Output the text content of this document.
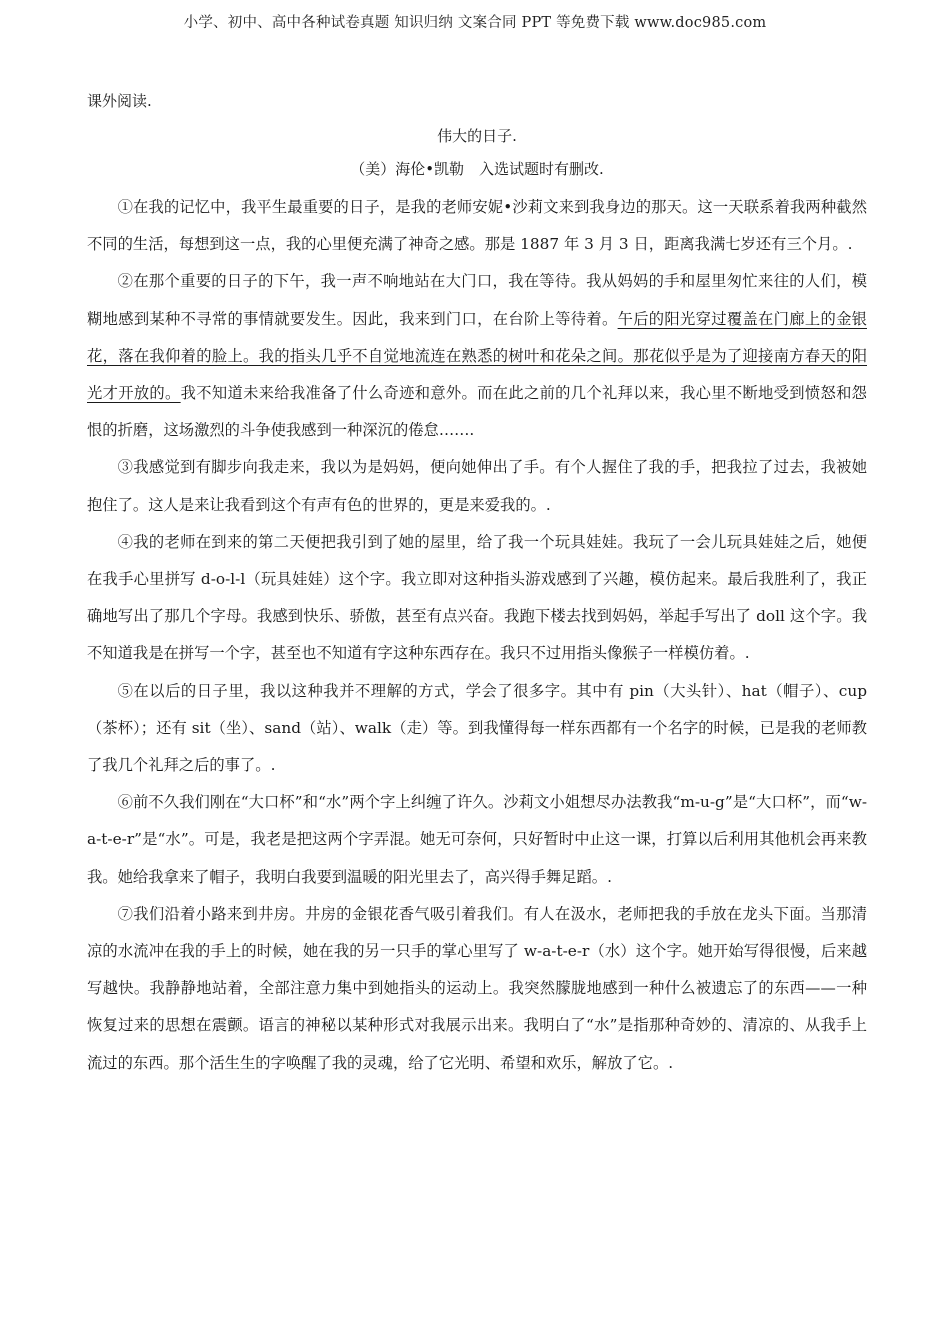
小学、初中、高中各种试卷真题 知识归纳 文案合同 PPT 等免费下载 www.doc985.com
课外阅读.
伟大的日子.
（美）海伦•凯勒　入选试题时有删改.

①在我的记忆中，我平生最重要的日子，是我的老师安妮•沙莉文来到我身边的那天。这一天联系着我两种截然不同的生活，每想到这一点，我的心里便充满了神奇之感。那是 1887 年 3 月 3 日，距离我满七岁还有三个月。.

②在那个重要的日子的下午，我一声不响地站在大门口，我在等待。我从妈妈的手和屋里匆忙来往的人们，模糊地感到某种不寻常的事情就要发生。因此，我来到门口，在台阶上等待着。午后的阳光穿过覆盖在门廊上的金银花，落在我仰着的脸上。我的指头几乎不自觉地流连在熟悉的树叶和花朵之间。那花似乎是为了迎接南方春天的阳光才开放的。我不知道未来给我准备了什么奇迹和意外。而在此之前的几个礼拜以来，我心里不断地受到愤怒和怨恨的折磨，这场激烈的斗争使我感到一种深沉的倦怠…….

③我感觉到有脚步向我走来，我以为是妈妈，便向她伸出了手。有个人握住了我的手，把我拉了过去，我被她抱住了。这人是来让我看到这个有声有色的世界的，更是来爱我的。.

④我的老师在到来的第二天便把我引到了她的屋里，给了我一个玩具娃娃。我玩了一会儿玩具娃娃之后，她便在我手心里拼写 d-o-l-l（玩具娃娃）这个字。我立即对这种指头游戏感到了兴趣，模仿起来。最后我胜利了，我正确地写出了那几个字母。我感到快乐、骄傲，甚至有点兴奋。我跑下楼去找到妈妈，举起手写出了 doll 这个字。我不知道我是在拼写一个字，甚至也不知道有字这种东西存在。我只不过用指头像猴子一样模仿着。.

⑤在以后的日子里，我以这种我并不理解的方式，学会了很多字。其中有 pin（大头针）、hat（帽子）、cup（茶杯）；还有 sit（坐）、sand（站）、walk（走）等。到我懂得每一样东西都有一个名字的时候，已是我的老师教了我几个礼拜之后的事了。.

⑥前不久我们刚在“大口杯”和“水”两个字上纠缠了许久。沙莉文小姐想尽办法教我“m-u-g”是“大口杯”，而“w-a-t-e-r”是“水”。可是，我老是把这两个字弄混。她无可奈何，只好暂时中止这一课，打算以后利用其他机会再来教我。她给我拿来了帽子，我明白我要到温暖的阳光里去了，高兴得手舞足蹈。.

⑦我们沿着小路来到井房。井房的金银花香气吸引着我们。有人在汲水，老师把我的手放在龙头下面。当那清凉的水流冲在我的手上的时候，她在我的另一只手的掌心里写了 w-a-t-e-r（水）这个字。她开始写得很慢，后来越写越快。我静静地站着，全部注意力集中到她指头的运动上。我突然朦胧地感到一种什么被遗忘了的东西——一种恢复过来的思想在震颤。语言的神秘以某种形式对我展示出来。我明白了“水”是指那种奇妙的、清凉的、从我手上流过的东西。那个活生生的字唤醒了我的灵魂，给了它光明、希望和欢乐，解放了它。.
